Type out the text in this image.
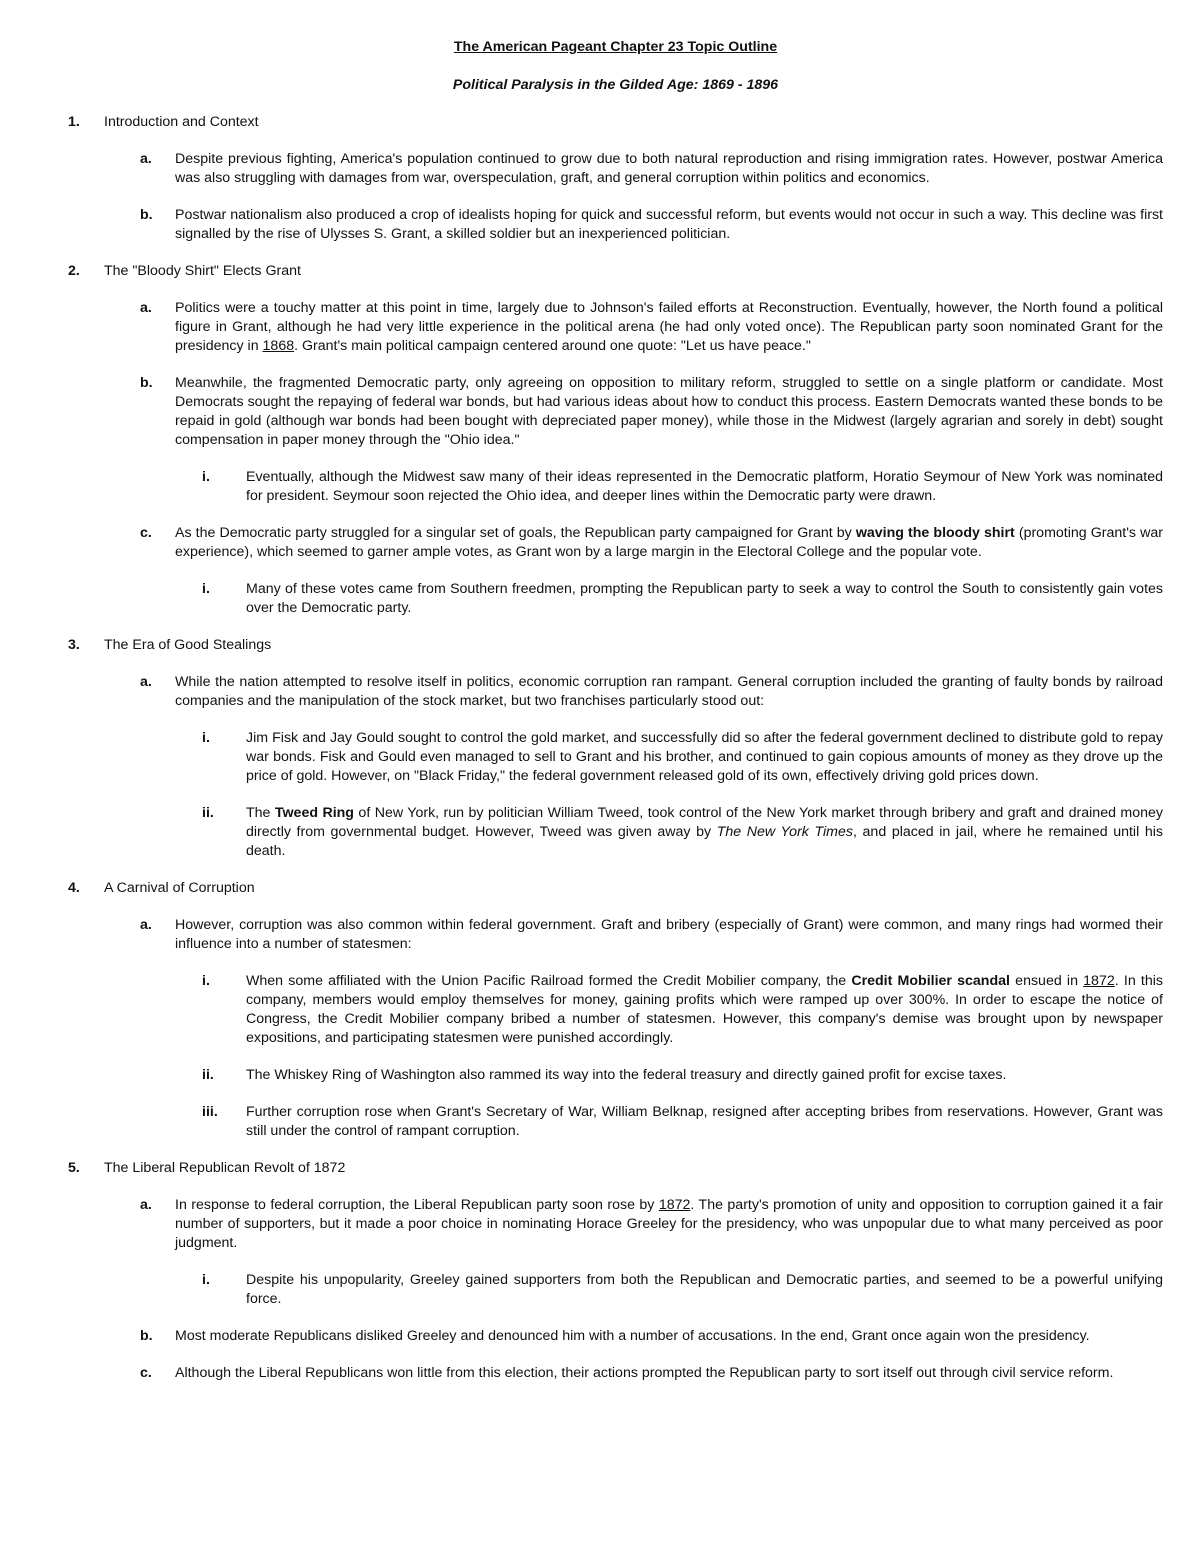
The American Pageant Chapter 23 Topic Outline
Political Paralysis in the Gilded Age: 1869 - 1896
1.	Introduction and Context
a.	Despite previous fighting, America's population continued to grow due to both natural reproduction and rising immigration rates. However, postwar America was also struggling with damages from war, overspeculation, graft, and general corruption within politics and economics.
b.	Postwar nationalism also produced a crop of idealists hoping for quick and successful reform, but events would not occur in such a way. This decline was first signalled by the rise of Ulysses S. Grant, a skilled soldier but an inexperienced politician.
2.	The "Bloody Shirt" Elects Grant
a.	Politics were a touchy matter at this point in time, largely due to Johnson's failed efforts at Reconstruction. Eventually, however, the North found a political figure in Grant, although he had very little experience in the political arena (he had only voted once). The Republican party soon nominated Grant for the presidency in 1868. Grant's main political campaign centered around one quote: "Let us have peace."
b.	Meanwhile, the fragmented Democratic party, only agreeing on opposition to military reform, struggled to settle on a single platform or candidate. Most Democrats sought the repaying of federal war bonds, but had various ideas about how to conduct this process. Eastern Democrats wanted these bonds to be repaid in gold (although war bonds had been bought with depreciated paper money), while those in the Midwest (largely agrarian and sorely in debt) sought compensation in paper money through the "Ohio idea."
i.	Eventually, although the Midwest saw many of their ideas represented in the Democratic platform, Horatio Seymour of New York was nominated for president. Seymour soon rejected the Ohio idea, and deeper lines within the Democratic party were drawn.
c.	As the Democratic party struggled for a singular set of goals, the Republican party campaigned for Grant by waving the bloody shirt (promoting Grant's war experience), which seemed to garner ample votes, as Grant won by a large margin in the Electoral College and the popular vote.
i.	Many of these votes came from Southern freedmen, prompting the Republican party to seek a way to control the South to consistently gain votes over the Democratic party.
3.	The Era of Good Stealings
a.	While the nation attempted to resolve itself in politics, economic corruption ran rampant. General corruption included the granting of faulty bonds by railroad companies and the manipulation of the stock market, but two franchises particularly stood out:
i.	Jim Fisk and Jay Gould sought to control the gold market, and successfully did so after the federal government declined to distribute gold to repay war bonds. Fisk and Gould even managed to sell to Grant and his brother, and continued to gain copious amounts of money as they drove up the price of gold. However, on "Black Friday," the federal government released gold of its own, effectively driving gold prices down.
ii.	The Tweed Ring of New York, run by politician William Tweed, took control of the New York market through bribery and graft and drained money directly from governmental budget. However, Tweed was given away by The New York Times, and placed in jail, where he remained until his death.
4.	A Carnival of Corruption
a.	However, corruption was also common within federal government. Graft and bribery (especially of Grant) were common, and many rings had wormed their influence into a number of statesmen:
i.	When some affiliated with the Union Pacific Railroad formed the Credit Mobilier company, the Credit Mobilier scandal ensued in 1872. In this company, members would employ themselves for money, gaining profits which were ramped up over 300%. In order to escape the notice of Congress, the Credit Mobilier company bribed a number of statesmen. However, this company's demise was brought upon by newspaper expositions, and participating statesmen were punished accordingly.
ii.	The Whiskey Ring of Washington also rammed its way into the federal treasury and directly gained profit for excise taxes.
iii.	Further corruption rose when Grant's Secretary of War, William Belknap, resigned after accepting bribes from reservations. However, Grant was still under the control of rampant corruption.
5.	The Liberal Republican Revolt of 1872
a.	In response to federal corruption, the Liberal Republican party soon rose by 1872. The party's promotion of unity and opposition to corruption gained it a fair number of supporters, but it made a poor choice in nominating Horace Greeley for the presidency, who was unpopular due to what many perceived as poor judgment.
i.	Despite his unpopularity, Greeley gained supporters from both the Republican and Democratic parties, and seemed to be a powerful unifying force.
b.	Most moderate Republicans disliked Greeley and denounced him with a number of accusations. In the end, Grant once again won the presidency.
c.	Although the Liberal Republicans won little from this election, their actions prompted the Republican party to sort itself out through civil service reform.
